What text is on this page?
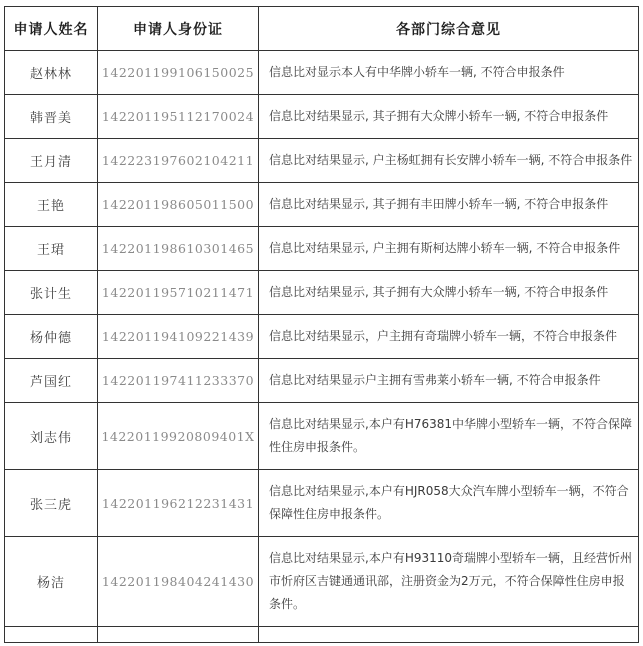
申请人姓名	申请人身份证	各部门综合意见
赵林林	142201199106150025	信息比对显示本人有中华牌小轿车一辆, 不符合申报条件
韩晋美	142201195112170024	信息比对结果显示, 其子拥有大众牌小轿车一辆, 不符合申报条件
王月清	142223197602104211	信息比对结果显示, 户主杨虹拥有长安牌小轿车一辆, 不符合申报条件
王艳	142201198605011500	信息比对结果显示, 其子拥有丰田牌小轿车一辆, 不符合申报条件
王珺	142201198610301465	信息比对结果显示, 户主拥有斯柯达牌小轿车一辆, 不符合申报条件
张计生	142201195710211471	信息比对结果显示, 其子拥有大众牌小轿车一辆, 不符合申报条件
杨仲德	142201194109221439	信息比对结果显示，户主拥有奇瑞牌小轿车一辆，不符合申报条件
芦国红	142201197411233370	信息比对结果显示户主拥有雪弗莱小轿车一辆, 不符合申报条件
刘志伟	14220119920809401X	信息比对结果显示,本户有H76381中华牌小型轿车一辆，不符合保障性住房申报条件。
张三虎	142201196212231431	信息比对结果显示,本户有HJR058大众汽车牌小型轿车一辆，不符合保障性住房申报条件。
杨洁	142201198404241430	信息比对结果显示,本户有H93110奇瑞牌小型轿车一辆，且经营忻州市忻府区吉键通通讯部，注册资金为2万元，不符合保障性住房申报条件。
